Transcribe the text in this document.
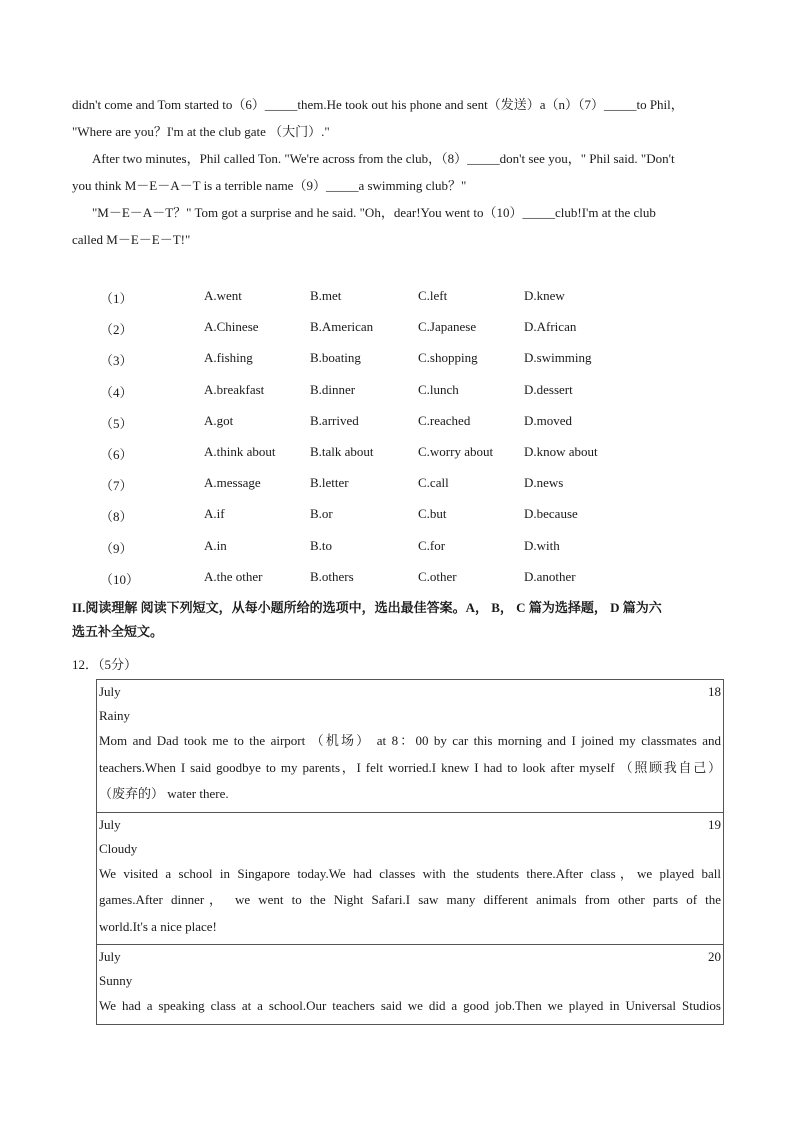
didn't come and Tom started to（6）_____them.He took out his phone and sent（发送）a（n）（7）_____to Phil，
"Where are you？I'm at the club gate （大门）."
After two minutes，Phil called Ton. "We're across from the club，（8）_____don't see you，" Phil said. "Don't
you think M－E－A－T is a terrible name（9）_____a swimming club？"
"M－E－A－T？" Tom got a surprise and he said. "Oh，dear!You went to（10）_____club!I'm at the club
called M－E－E－T!"
（1）	A.went	B.met	C.left	D.knew
（2）	A.Chinese	B.American	C.Japanese	D.African
（3）	A.fishing	B.boating	C.shopping	D.swimming
（4）	A.breakfast	B.dinner	C.lunch	D.dessert
（5）	A.got	B.arrived	C.reached	D.moved
（6）	A.think about	B.talk about	C.worry about D.know about
（7）	A.message	B.letter	C.call	D.news
（8）	A.if	B.or	C.but	D.because
（9）	A.in	B.to	C.for	D.with
（10）	A.the other	B.others	C.other	D.another
II.阅读理解 阅读下列短文，从每小题所给的选项中，选出最佳答案。A， B， C 篇为选择题， D 篇为六
选五补全短文。
12．（5分）
July	18
Rainy
Mom and Dad took me to the airport （机场） at 8：00 by car this morning and I joined my classmates and
teachers.When I said goodbye to my parents，I felt worried.I knew I had to look after myself （照顾我自己）
（废弃的） water there.
July	19
Cloudy
We visited a school in Singapore today.We had classes with the students there.After class，we played ball
games.After dinner， we went to the Night Safari.I saw many different animals from other parts of the
world.It's a nice place!
July	20
Sunny
We had a speaking class at a school.Our teachers said we did a good job.Then we played in Universal Studios
